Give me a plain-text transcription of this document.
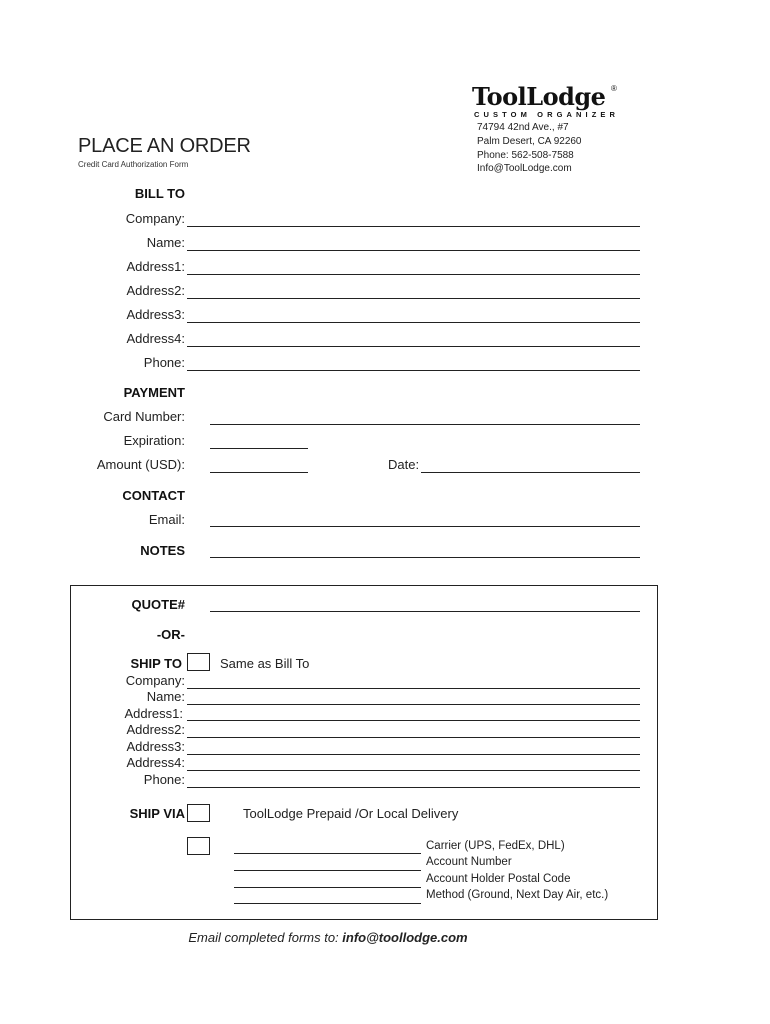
ToolLodge ®
CUSTOM ORGANIZER
74794 42nd Ave., #7
Palm Desert, CA 92260
Phone: 562-508-7588
Info@ToolLodge.com
PLACE AN ORDER
Credit Card Authorization Form
BILL TO
Company:
Name:
Address1:
Address2:
Address3:
Address4:
Phone:
PAYMENT
Card Number:
Expiration:
Amount (USD):	Date:
CONTACT
Email:
NOTES
QUOTE#
-OR-
SHIP TO	Same as Bill To
Company:
Name:
Address1:
Address2:
Address3:
Address4:
Phone:
SHIP VIA	ToolLodge Prepaid /Or Local Delivery
Carrier (UPS, FedEx, DHL)
Account Number
Account Holder Postal Code
Method (Ground, Next Day Air, etc.)
Email completed forms to: info@toollodge.com
